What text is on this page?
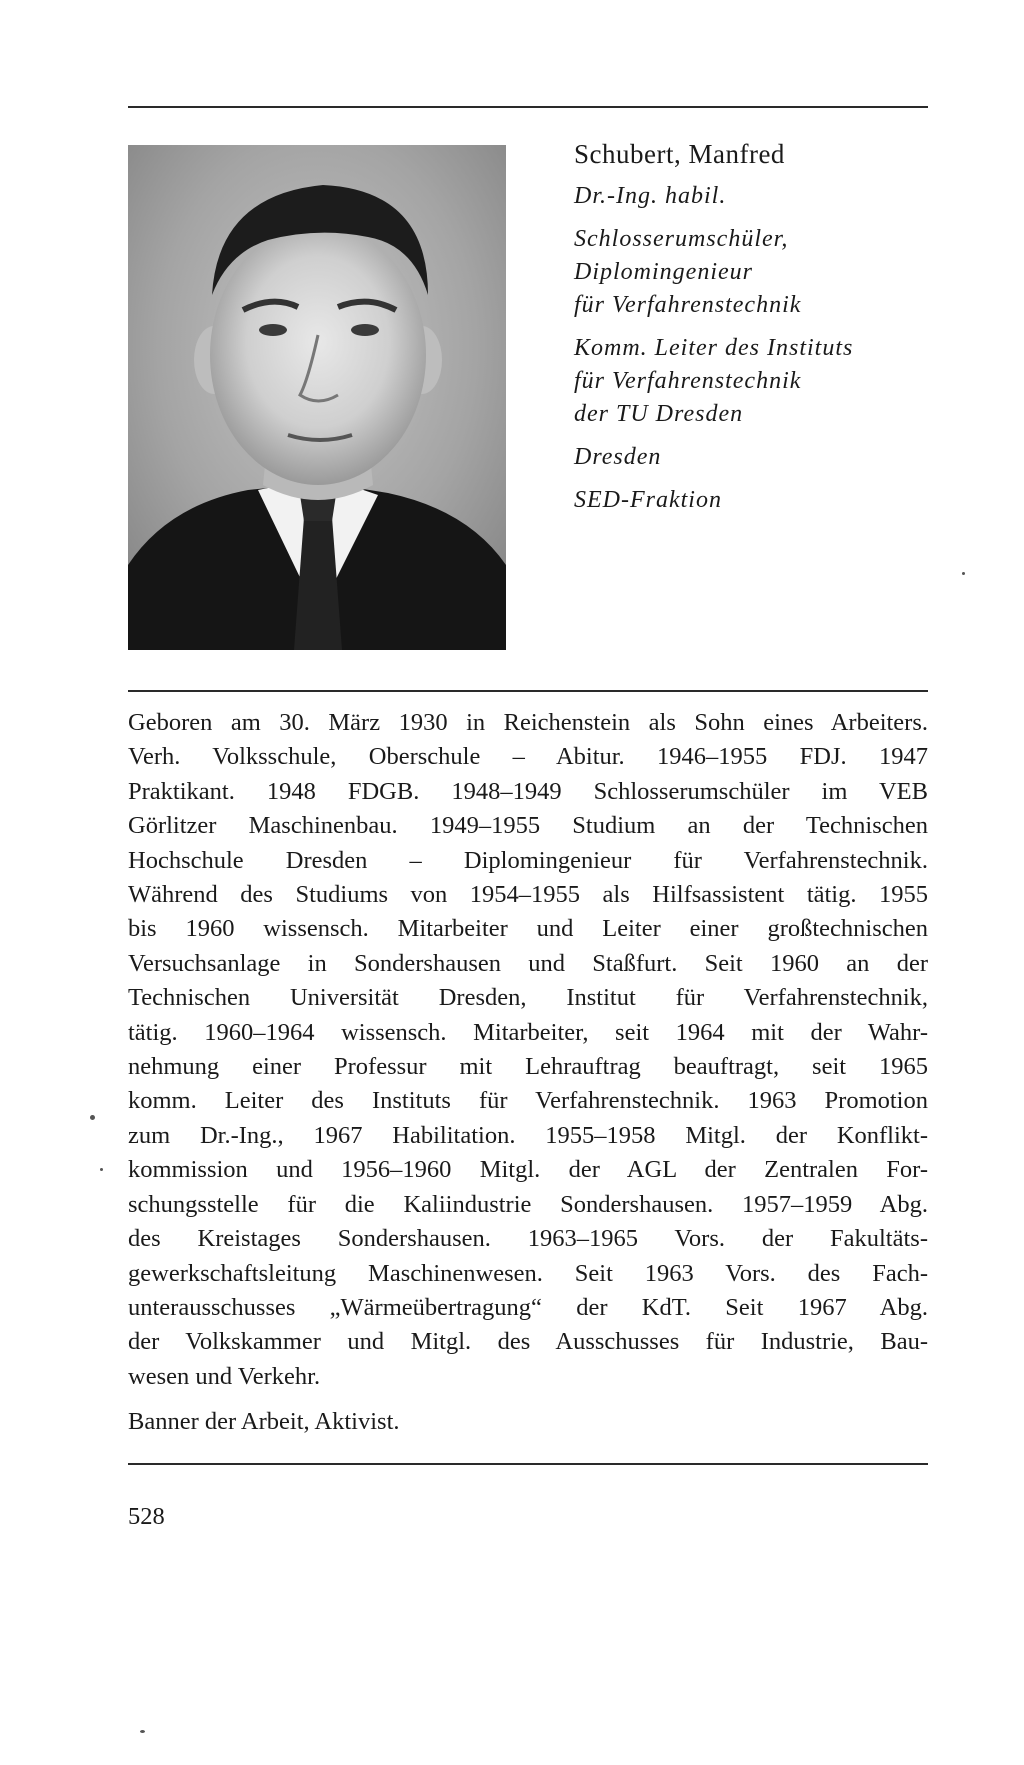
Schubert, Manfred
Dr.-Ing. habil.
Schlosserumschüler,
Diplomingenieur
für Verfahrenstechnik
Komm. Leiter des Instituts
für Verfahrenstechnik
der TU Dresden
Dresden
SED-Fraktion
Geboren am 30. März 1930 in Reichenstein als Sohn eines Arbeiters.
Verh. Volksschule, Oberschule – Abitur. 1946–1955 FDJ. 1947
Praktikant. 1948 FDGB. 1948–1949 Schlosserumschüler im VEB
Görlitzer Maschinenbau. 1949–1955 Studium an der Technischen
Hochschule Dresden – Diplomingenieur für Verfahrenstechnik.
Während des Studiums von 1954–1955 als Hilfsassistent tätig. 1955
bis 1960 wissensch. Mitarbeiter und Leiter einer großtechnischen
Versuchsanlage in Sondershausen und Staßfurt. Seit 1960 an der
Technischen Universität Dresden, Institut für Verfahrenstechnik,
tätig. 1960–1964 wissensch. Mitarbeiter, seit 1964 mit der Wahr-
nehmung einer Professur mit Lehrauftrag beauftragt, seit 1965
komm. Leiter des Instituts für Verfahrenstechnik. 1963 Promotion
zum Dr.-Ing., 1967 Habilitation. 1955–1958 Mitgl. der Konflikt-
kommission und 1956–1960 Mitgl. der AGL der Zentralen For-
schungsstelle für die Kaliindustrie Sondershausen. 1957–1959 Abg.
des Kreistages Sondershausen. 1963–1965 Vors. der Fakultäts-
gewerkschaftsleitung Maschinenwesen. Seit 1963 Vors. des Fach-
unterausschusses „Wärmeübertragung“ der KdT. Seit 1967 Abg.
der Volkskammer und Mitgl. des Ausschusses für Industrie, Bau-
wesen und Verkehr.
Banner der Arbeit, Aktivist.
528
